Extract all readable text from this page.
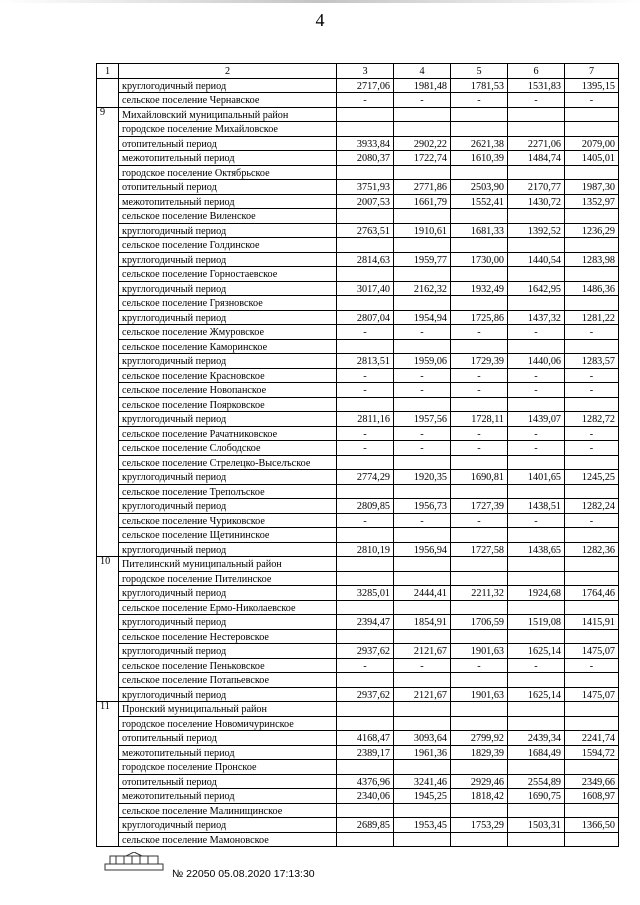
4
1	2	3	4	5	6	7
	круглогодичный период	2717,06	1981,48	1781,53	1531,83	1395,15
	сельское поселение Чернавское	-	-	-	-	-
9	Михайловский муниципальный район					
	городское поселение Михайловское					
	отопительный период	3933,84	2902,22	2621,38	2271,06	2079,00
	межотопительный период	2080,37	1722,74	1610,39	1484,74	1405,01
	городское поселение Октябрьское					
	отопительный период	3751,93	2771,86	2503,90	2170,77	1987,30
	межотопительный период	2007,53	1661,79	1552,41	1430,72	1352,97
	сельское поселение Виленское					
	круглогодичный период	2763,51	1910,61	1681,33	1392,52	1236,29
	сельское поселение Голдинское					
	круглогодичный период	2814,63	1959,77	1730,00	1440,54	1283,98
	сельское поселение Горностаевское					
	круглогодичный период	3017,40	2162,32	1932,49	1642,95	1486,36
	сельское поселение Грязновское					
	круглогодичный период	2807,04	1954,94	1725,86	1437,32	1281,22
	сельское поселение Жмуровское	-	-	-	-	-
	сельское поселение Каморинское					
	круглогодичный период	2813,51	1959,06	1729,39	1440,06	1283,57
	сельское поселение Красновское	-	-	-	-	-
	сельское поселение Новопанское	-	-	-	-	-
	сельское поселение Поярковское					
	круглогодичный период	2811,16	1957,56	1728,11	1439,07	1282,72
	сельское поселение Рачатниковское	-	-	-	-	-
	сельское поселение Слободское	-	-	-	-	-
	сельское поселение Стрелецко-Выселъское					
	круглогодичный период	2774,29	1920,35	1690,81	1401,65	1245,25
	сельское поселение Треполъское					
	круглогодичный период	2809,85	1956,73	1727,39	1438,51	1282,24
	сельское поселение Чуриковское	-	-	-	-	-
	сельское поселение Щетининское					
	круглогодичный период	2810,19	1956,94	1727,58	1438,65	1282,36
10	Пителинский муниципальный район					
	городское поселение Пителинское					
	круглогодичный период	3285,01	2444,41	2211,32	1924,68	1764,46
	сельское поселение Ермо-Николаевское					
	круглогодичный период	2394,47	1854,91	1706,59	1519,08	1415,91
	сельское поселение Нестеровское					
	круглогодичный период	2937,62	2121,67	1901,63	1625,14	1475,07
	сельское поселение Пеньковское	-	-	-	-	-
	сельское поселение Потапьевское					
	круглогодичный период	2937,62	2121,67	1901,63	1625,14	1475,07
11	Пронский муниципальный район					
	городское поселение Новомичуринское					
	отопительный период	4168,47	3093,64	2799,92	2439,34	2241,74
	межотопительный период	2389,17	1961,36	1829,39	1684,49	1594,72
	городское поселение Пронское					
	отопительный период	4376,96	3241,46	2929,46	2554,89	2349,66
	межотопительный период	2340,06	1945,25	1818,42	1690,75	1608,97
	сельское поселение Малинищинское					
	круглогодичный период	2689,85	1953,45	1753,29	1503,31	1366,50
	сельское поселение Мамоновское					
№ 22050 05.08.2020 17:13:30
